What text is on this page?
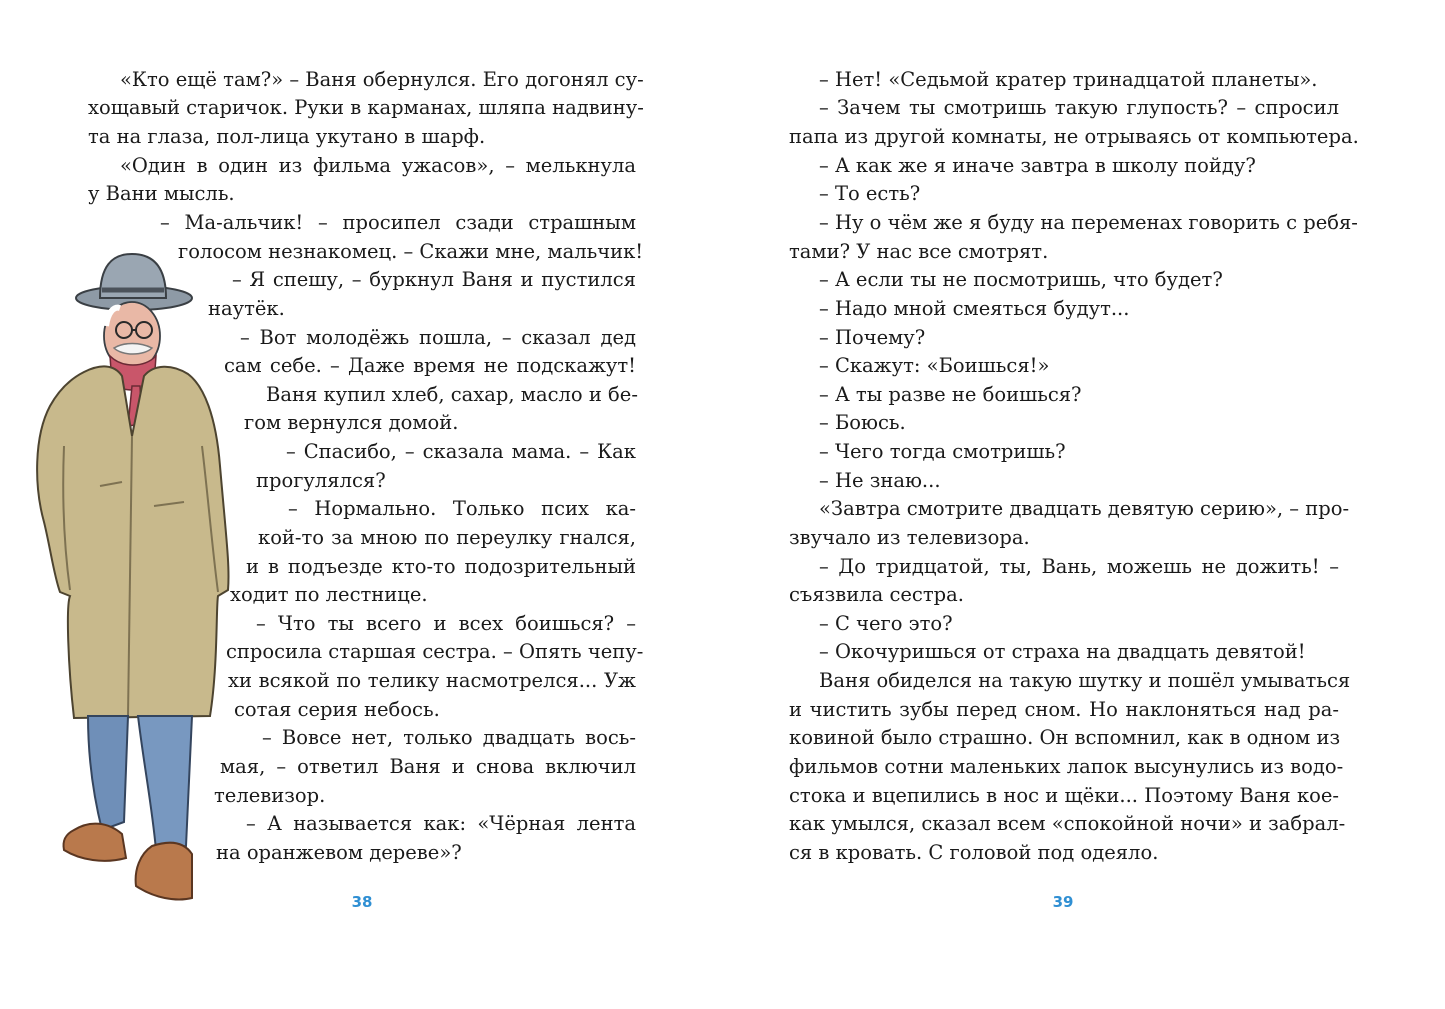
«Кто ещё там?» – Ваня обернулся. Его догонял су-
хощавый старичок. Руки в карманах, шляпа надвину-
та на глаза, пол-лица укутано в шарф.
«Один в один из фильма ужасов», – мелькнула
у Вани мысль.
– Ма-альчик! – просипел сзади страшным
голосом незнакомец. – Скажи мне, мальчик!
– Я спешу, – буркнул Ваня и пустился
наутёк.
– Вот молодёжь пошла, – сказал дед
сам себе. – Даже время не подскажут!
Ваня купил хлеб, сахар, масло и бе-
гом вернулся домой.
– Спасибо, – сказала мама. – Как
прогулялся?
– Нормально. Только псих ка-
кой-то за мною по переулку гнался,
и в подъезде кто-то подозрительный
ходит по лестнице.
– Что ты всего и всех боишься? –
спросила старшая сестра. – Опять чепу-
хи всякой по телику насмотрелся... Уж
сотая серия небось.
– Вовсе нет, только двадцать вось-
мая, – ответил Ваня и снова включил
телевизор.
– А называется как: «Чёрная лента
на оранжевом дереве»?
38
– Нет! «Седьмой кратер тринадцатой планеты».
– Зачем ты смотришь такую глупость? – спросил
папа из другой комнаты, не отрываясь от компьютера.
– А как же я иначе завтра в школу пойду?
– То есть?
– Ну о чём же я буду на переменах говорить с ребя-
тами? У нас все смотрят.
– А если ты не посмотришь, что будет?
– Надо мной смеяться будут...
– Почему?
– Скажут: «Боишься!»
– А ты разве не боишься?
– Боюсь.
– Чего тогда смотришь?
– Не знаю...
«Завтра смотрите двадцать девятую серию», – про-
звучало из телевизора.
– До тридцатой, ты, Вань, можешь не дожить! –
съязвила сестра.
– С чего это?
– Окочуришься от страха на двадцать девятой!
Ваня обиделся на такую шутку и пошёл умываться
и чистить зубы перед сном. Но наклоняться над ра-
ковиной было страшно. Он вспомнил, как в одном из
фильмов сотни маленьких лапок высунулись из водо-
стока и вцепились в нос и щёки... Поэтому Ваня кое-
как умылся, сказал всем «спокойной ночи» и забрал-
ся в кровать. С головой под одеяло.
39
